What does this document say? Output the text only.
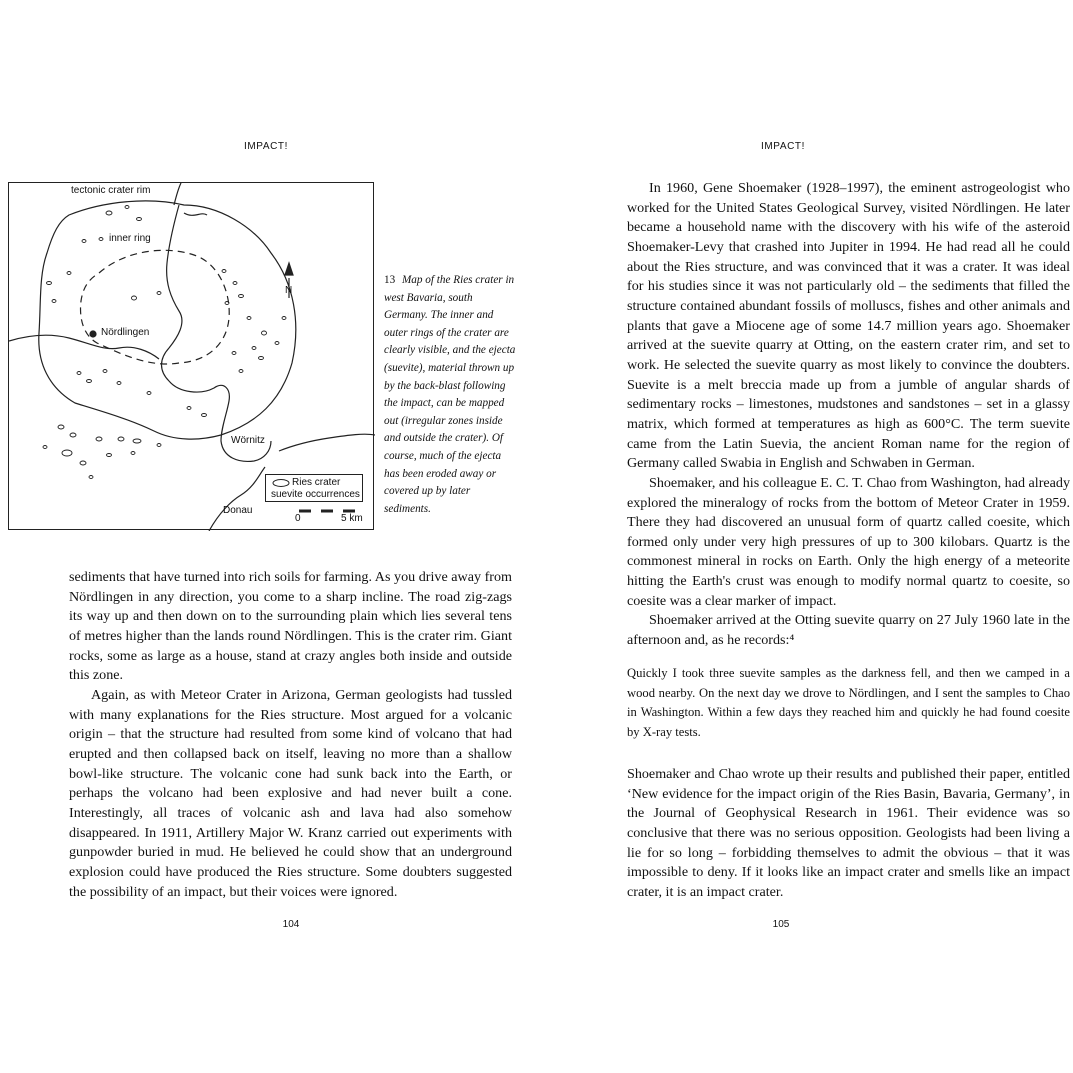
IMPACT!
tectonic crater rim
inner ring
Nördlingen
N
Wörnitz
Donau
Ries crater
suevite occurrences
0	5 km
13 Map of the Ries crater in west Bavaria, south Germany. The inner and outer rings of the crater are clearly visible, and the ejecta (suevite), material thrown up by the back-blast following the impact, can be mapped out (irregular zones inside and outside the crater). Of course, much of the ejecta has been eroded away or covered up by later sediments.

sediments that have turned into rich soils for farming. As you drive away from Nördlingen in any direction, you come to a sharp incline. The road zig-zags its way up and then down on to the surrounding plain which lies several tens of metres higher than the lands round Nördlingen. This is the crater rim. Giant rocks, some as large as a house, stand at crazy angles both inside and outside this zone.

Again, as with Meteor Crater in Arizona, German geologists had tussled with many explanations for the Ries structure. Most argued for a volcanic origin – that the structure had resulted from some kind of volcano that had erupted and then collapsed back on itself, leaving no more than a shallow bowl-like structure. The volcanic cone had sunk back into the Earth, or perhaps the volcano had been explosive and had never built a cone. Interestingly, all traces of volcanic ash and lava had also somehow disappeared. In 1911, Artillery Major W. Kranz carried out experiments with gunpowder buried in mud. He believed he could show that an underground explosion could have produced the Ries structure. Some doubters suggested the possibility of an impact, but their voices were ignored.

104
IMPACT!

In 1960, Gene Shoemaker (1928–1997), the eminent astrogeologist who worked for the United States Geological Survey, visited Nördlingen. He later became a household name with the discovery with his wife of the asteroid Shoemaker-Levy that crashed into Jupiter in 1994. He had read all he could about the Ries structure, and was convinced that it was a crater. It was ideal for his studies since it was not particularly old – the sediments that filled the structure contained abundant fossils of molluscs, fishes and other animals and plants that gave a Miocene age of some 14.7 million years ago. Shoemaker arrived at the suevite quarry at Otting, on the eastern crater rim, and set to work. He selected the suevite quarry as most likely to convince the doubters. Suevite is a melt breccia made up from a jumble of angular shards of sedimentary rocks – limestones, mudstones and sandstones – set in a glassy matrix, which formed at temperatures as high as 600°C. The term suevite came from the Latin Suevia, the ancient Roman name for the region of Germany called Swabia in English and Schwaben in German.

Shoemaker, and his colleague E. C. T. Chao from Washington, had already explored the mineralogy of rocks from the bottom of Meteor Crater in 1959. There they had discovered an unusual form of quartz called coesite, which formed only under very high pressures of up to 300 kilobars. Quartz is the commonest mineral in rocks on Earth. Only the high energy of a meteorite hitting the Earth's crust was enough to modify normal quartz to coesite, so coesite was a clear marker of impact.

Shoemaker arrived at the Otting suevite quarry on 27 July 1960 late in the afternoon and, as he records:⁴

Quickly I took three suevite samples as the darkness fell, and then we camped in a wood nearby. On the next day we drove to Nördlingen, and I sent the samples to Chao in Washington. Within a few days they reached him and quickly he had found coesite by X-ray tests.
Shoemaker and Chao wrote up their results and published their paper, entitled ‘New evidence for the impact origin of the Ries Basin, Bavaria, Germany’, in the Journal of Geophysical Research in 1961. Their evidence was so conclusive that there was no serious opposition. Geologists had been living a lie for so long – forbidding themselves to admit the obvious – that it was impossible to deny. If it looks like an impact crater and smells like an impact crater, it is an impact crater.
105
